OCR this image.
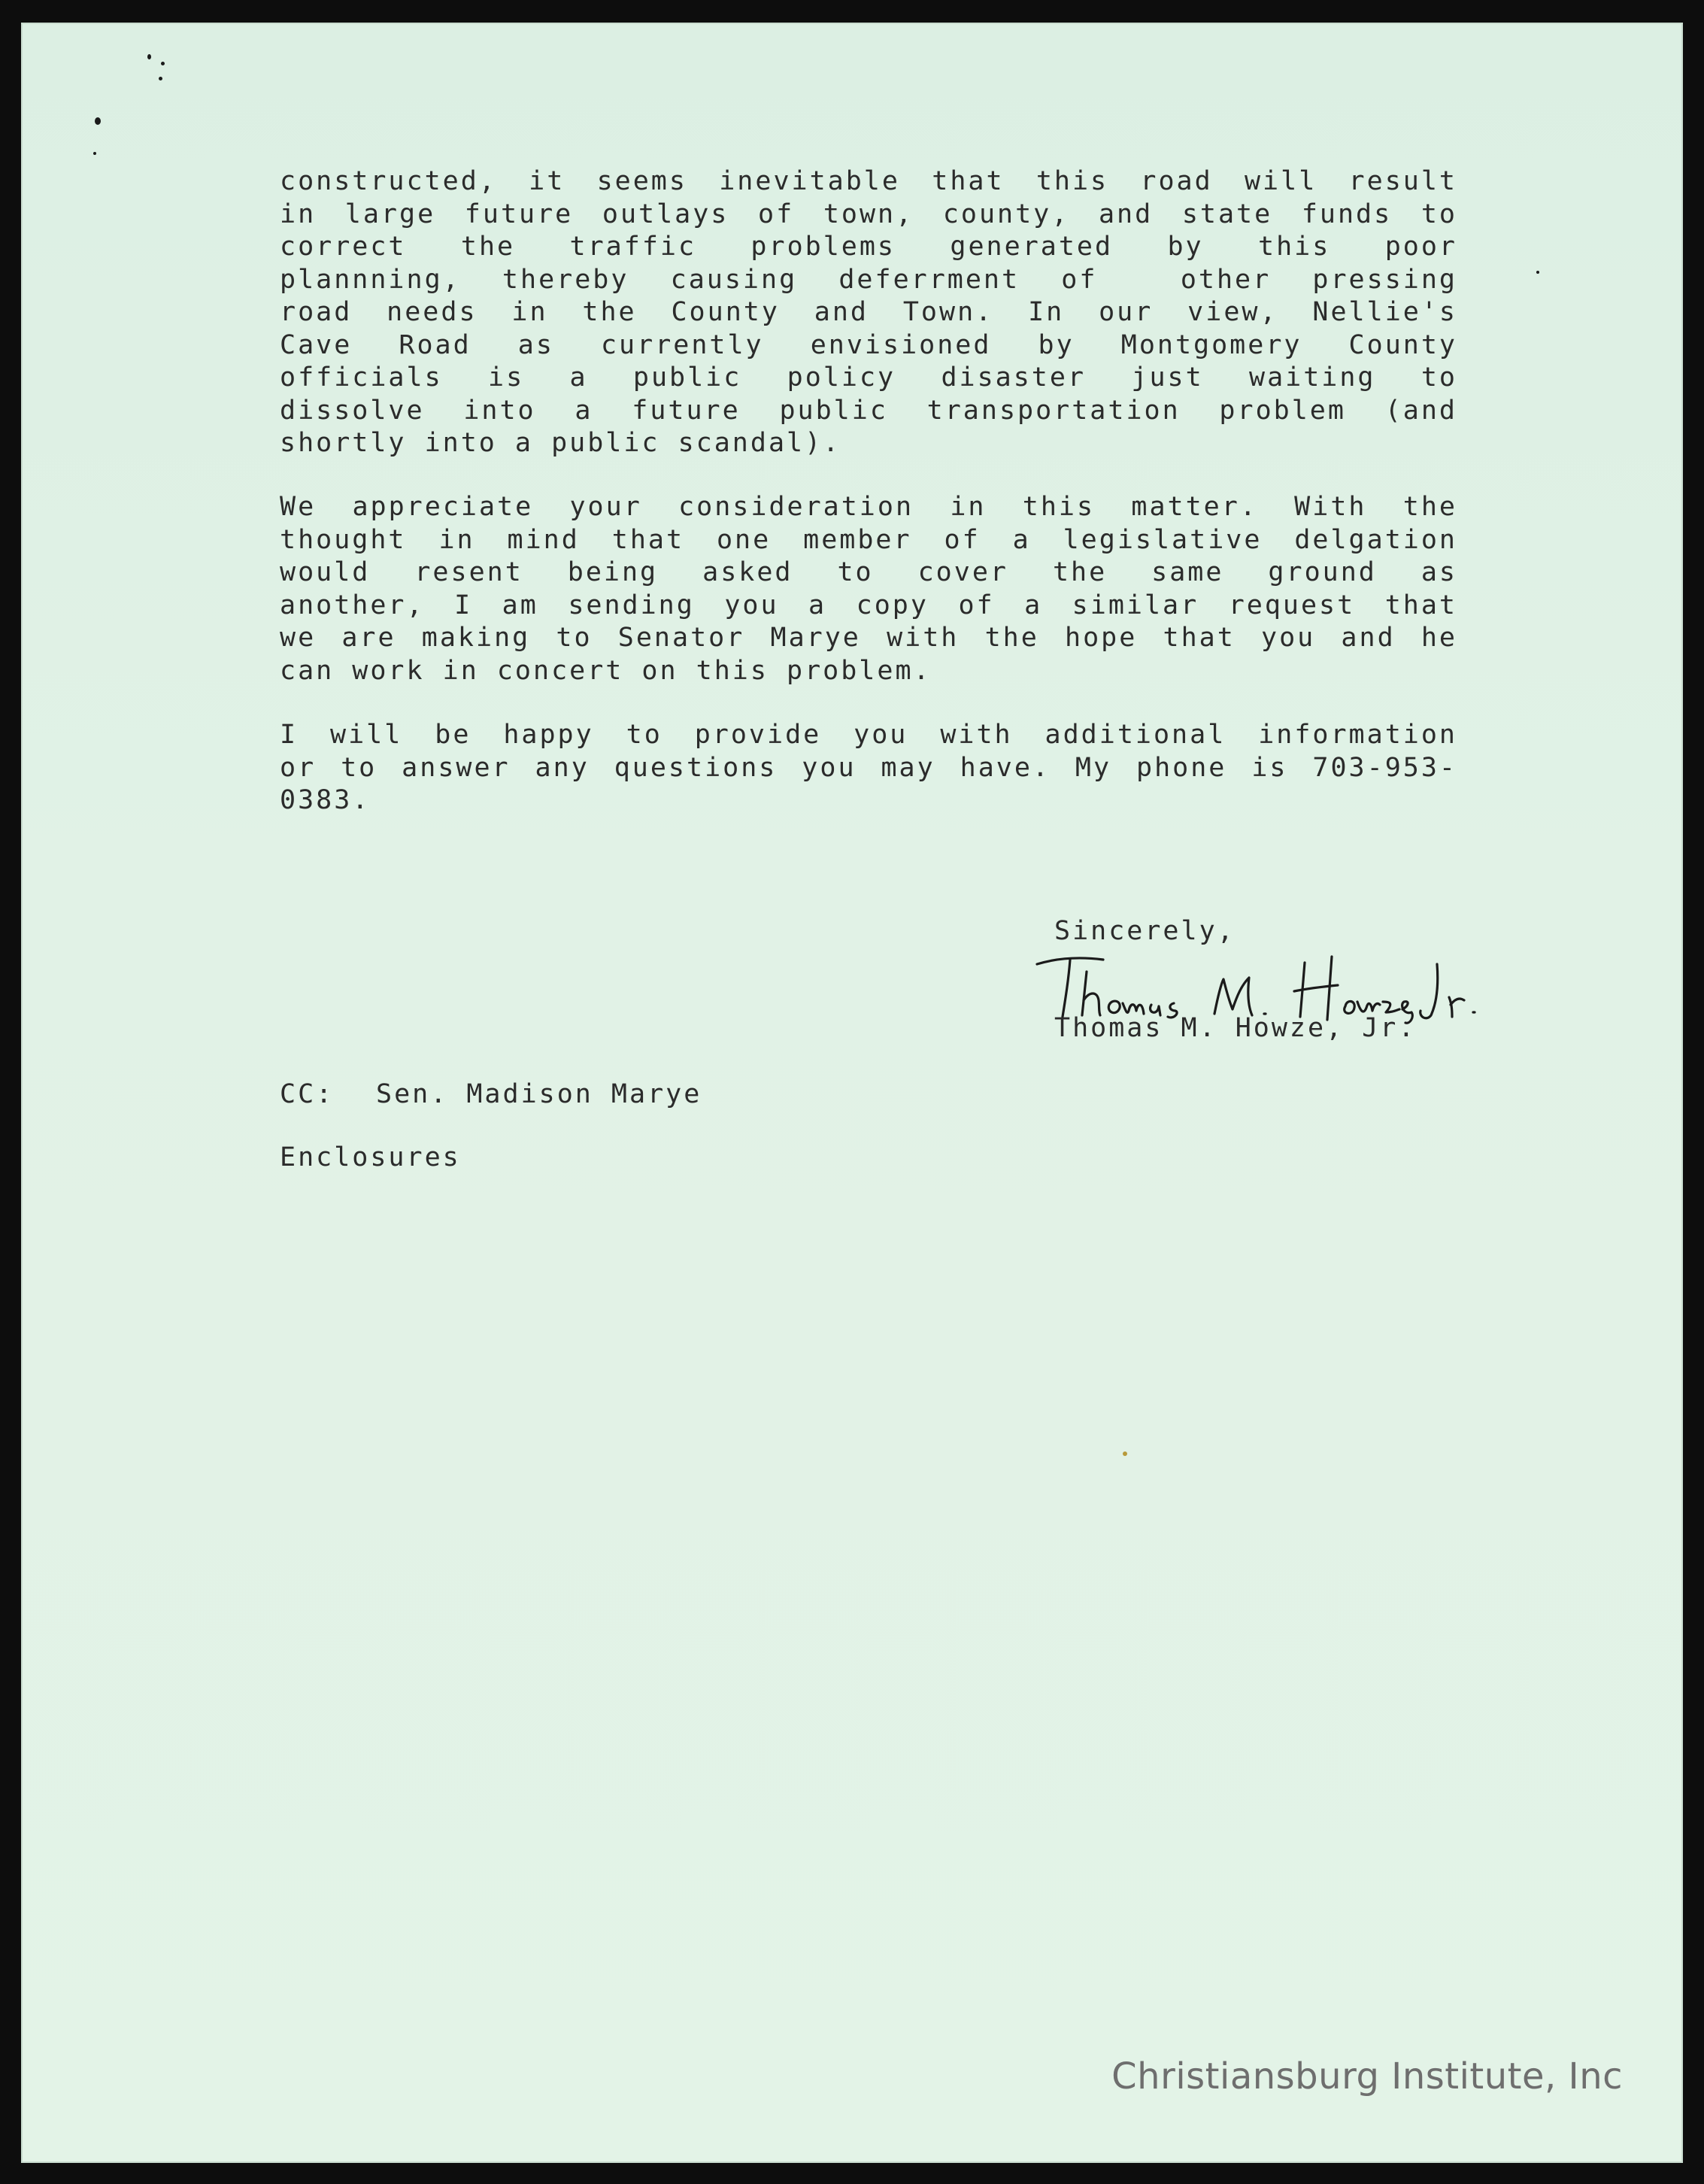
constructed, it seems inevitable that this road will result
in large future outlays of town, county, and state funds to
correct  the  traffic  problems  generated  by  this  poor
plannning, thereby causing deferrment of  other pressing
road needs in the County and Town. In our view, Nellie's
Cave Road as currently envisioned by Montgomery County
officials is a public policy disaster just waiting to
dissolve into a future public transportation problem (and
shortly into a public scandal).
We appreciate your consideration in this matter. With the
thought in mind that one member of a legislative delgation
would resent being asked to cover the same ground as
another, I am sending you a copy of a similar request that
we are making to Senator Marye with the hope that you and he
can work in concert on this problem.
I will be happy to provide you with additional information
or to answer any questions you may have. My phone is 703-953-
0383.

Sincerely,

Thomas M. Howze, Jr.

CC: Sen. Madison Marye

Enclosures

Christiansburg Institute, Inc
